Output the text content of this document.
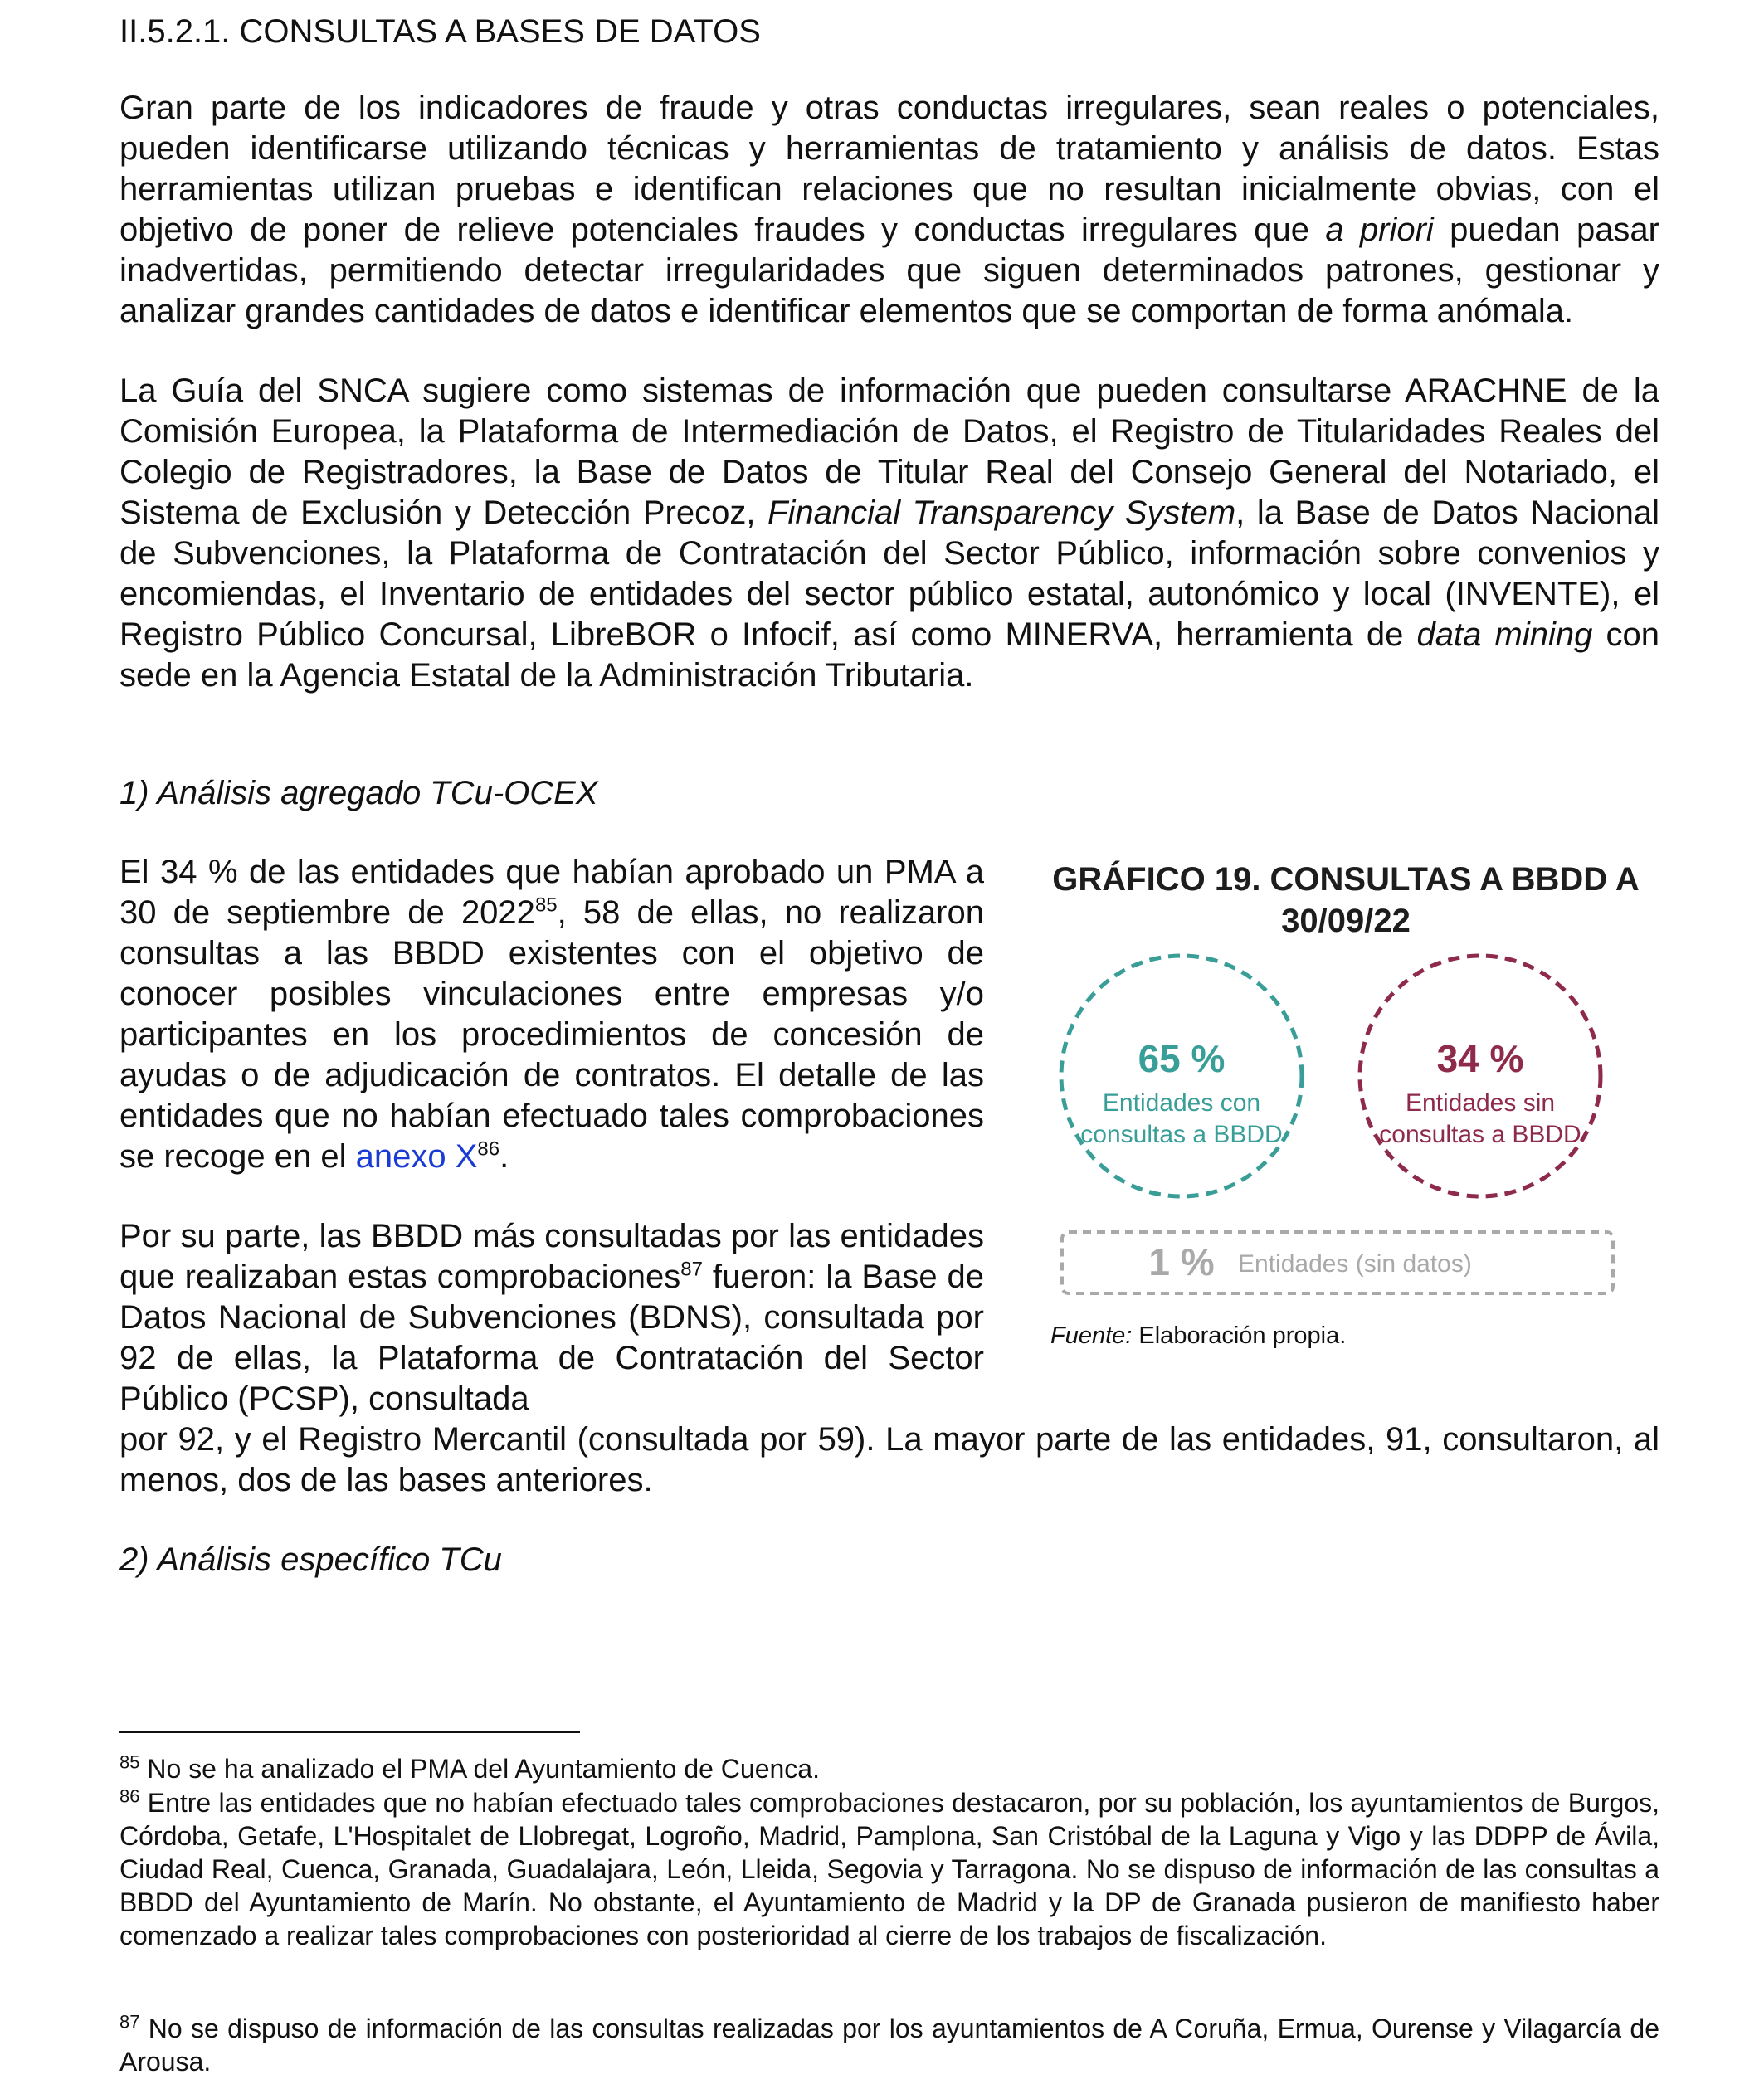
II.5.2.1. CONSULTAS A BASES DE DATOS

Gran parte de los indicadores de fraude y otras conductas irregulares, sean reales o potenciales, pueden identificarse utilizando técnicas y herramientas de tratamiento y análisis de datos. Estas herramientas utilizan pruebas e identifican relaciones que no resultan inicialmente obvias, con el objetivo de poner de relieve potenciales fraudes y conductas irregulares que a priori puedan pasar inadvertidas, permitiendo detectar irregularidades que siguen determinados patrones, gestionar y analizar grandes cantidades de datos e identificar elementos que se comportan de forma anómala.

La Guía del SNCA sugiere como sistemas de información que pueden consultarse ARACHNE de la Comisión Europea, la Plataforma de Intermediación de Datos, el Registro de Titularidades Reales del Colegio de Registradores, la Base de Datos de Titular Real del Consejo General del Notariado, el Sistema de Exclusión y Detección Precoz, Financial Transparency System, la Base de Datos Nacional de Subvenciones, la Plataforma de Contratación del Sector Público, información sobre convenios y encomiendas, el Inventario de entidades del sector público estatal, autonómico y local (INVENTE), el Registro Público Concursal, LibreBOR o Infocif, así como MINERVA, herramienta de data mining con sede en la Agencia Estatal de la Administración Tributaria.

1) Análisis agregado TCu-OCEX

El 34 % de las entidades que habían aprobado un PMA a 30 de septiembre de 2022$^{85}$, 58 de ellas, no realizaron consultas a las BBDD existentes con el objetivo de conocer posibles vinculaciones entre empresas y/o participantes en los procedimientos de concesión de ayudas o de adjudicación de contratos. El detalle de las entidades que no habían efectuado tales comprobaciones se recoge en el anexo $X^{86}$.

Por su parte, las BBDD más consultadas por las entidades que realizaban estas comprobaciones$^{87}$ fueron: la Base de Datos Nacional de Subvenciones (BDNS), consultada por 92 de ellas, la Plataforma de Contratación del Sector Público (PCSP), consultada

por 92, y el Registro Mercantil (consultada por 59). La mayor parte de las entidades, 91, consultaron, al menos, dos de las bases anteriores.

2) Análisis específico TCu

GRÁFICO 19. CONSULTAS A BBDD A 30/09/22
65 %
Entidades con
consultas a BBDD
34 %
Entidades sin
consultas a BBDD
1 % Entidades (sin datos)
Fuente: Elaboración propia.

$^{85}$ No se ha analizado el PMA del Ayuntamiento de Cuenca.

$^{86}$ Entre las entidades que no habían efectuado tales comprobaciones destacaron, por su población, los ayuntamientos de Burgos, Córdoba, Getafe, L'Hospitalet de Llobregat, Logroño, Madrid, Pamplona, San Cristóbal de la Laguna y Vigo y las DDPP de Ávila, Ciudad Real, Cuenca, Granada, Guadalajara, León, Lleida, Segovia y Tarragona. No se dispuso de información de las consultas a BBDD del Ayuntamiento de Marín. No obstante, el Ayuntamiento de Madrid y la DP de Granada pusieron de manifiesto haber comenzado a realizar tales comprobaciones con posterioridad al cierre de los trabajos de fiscalización.

$^{87}$ No se dispuso de información de las consultas realizadas por los ayuntamientos de A Coruña, Ermua, Ourense y Vilagarcía de Arousa.
